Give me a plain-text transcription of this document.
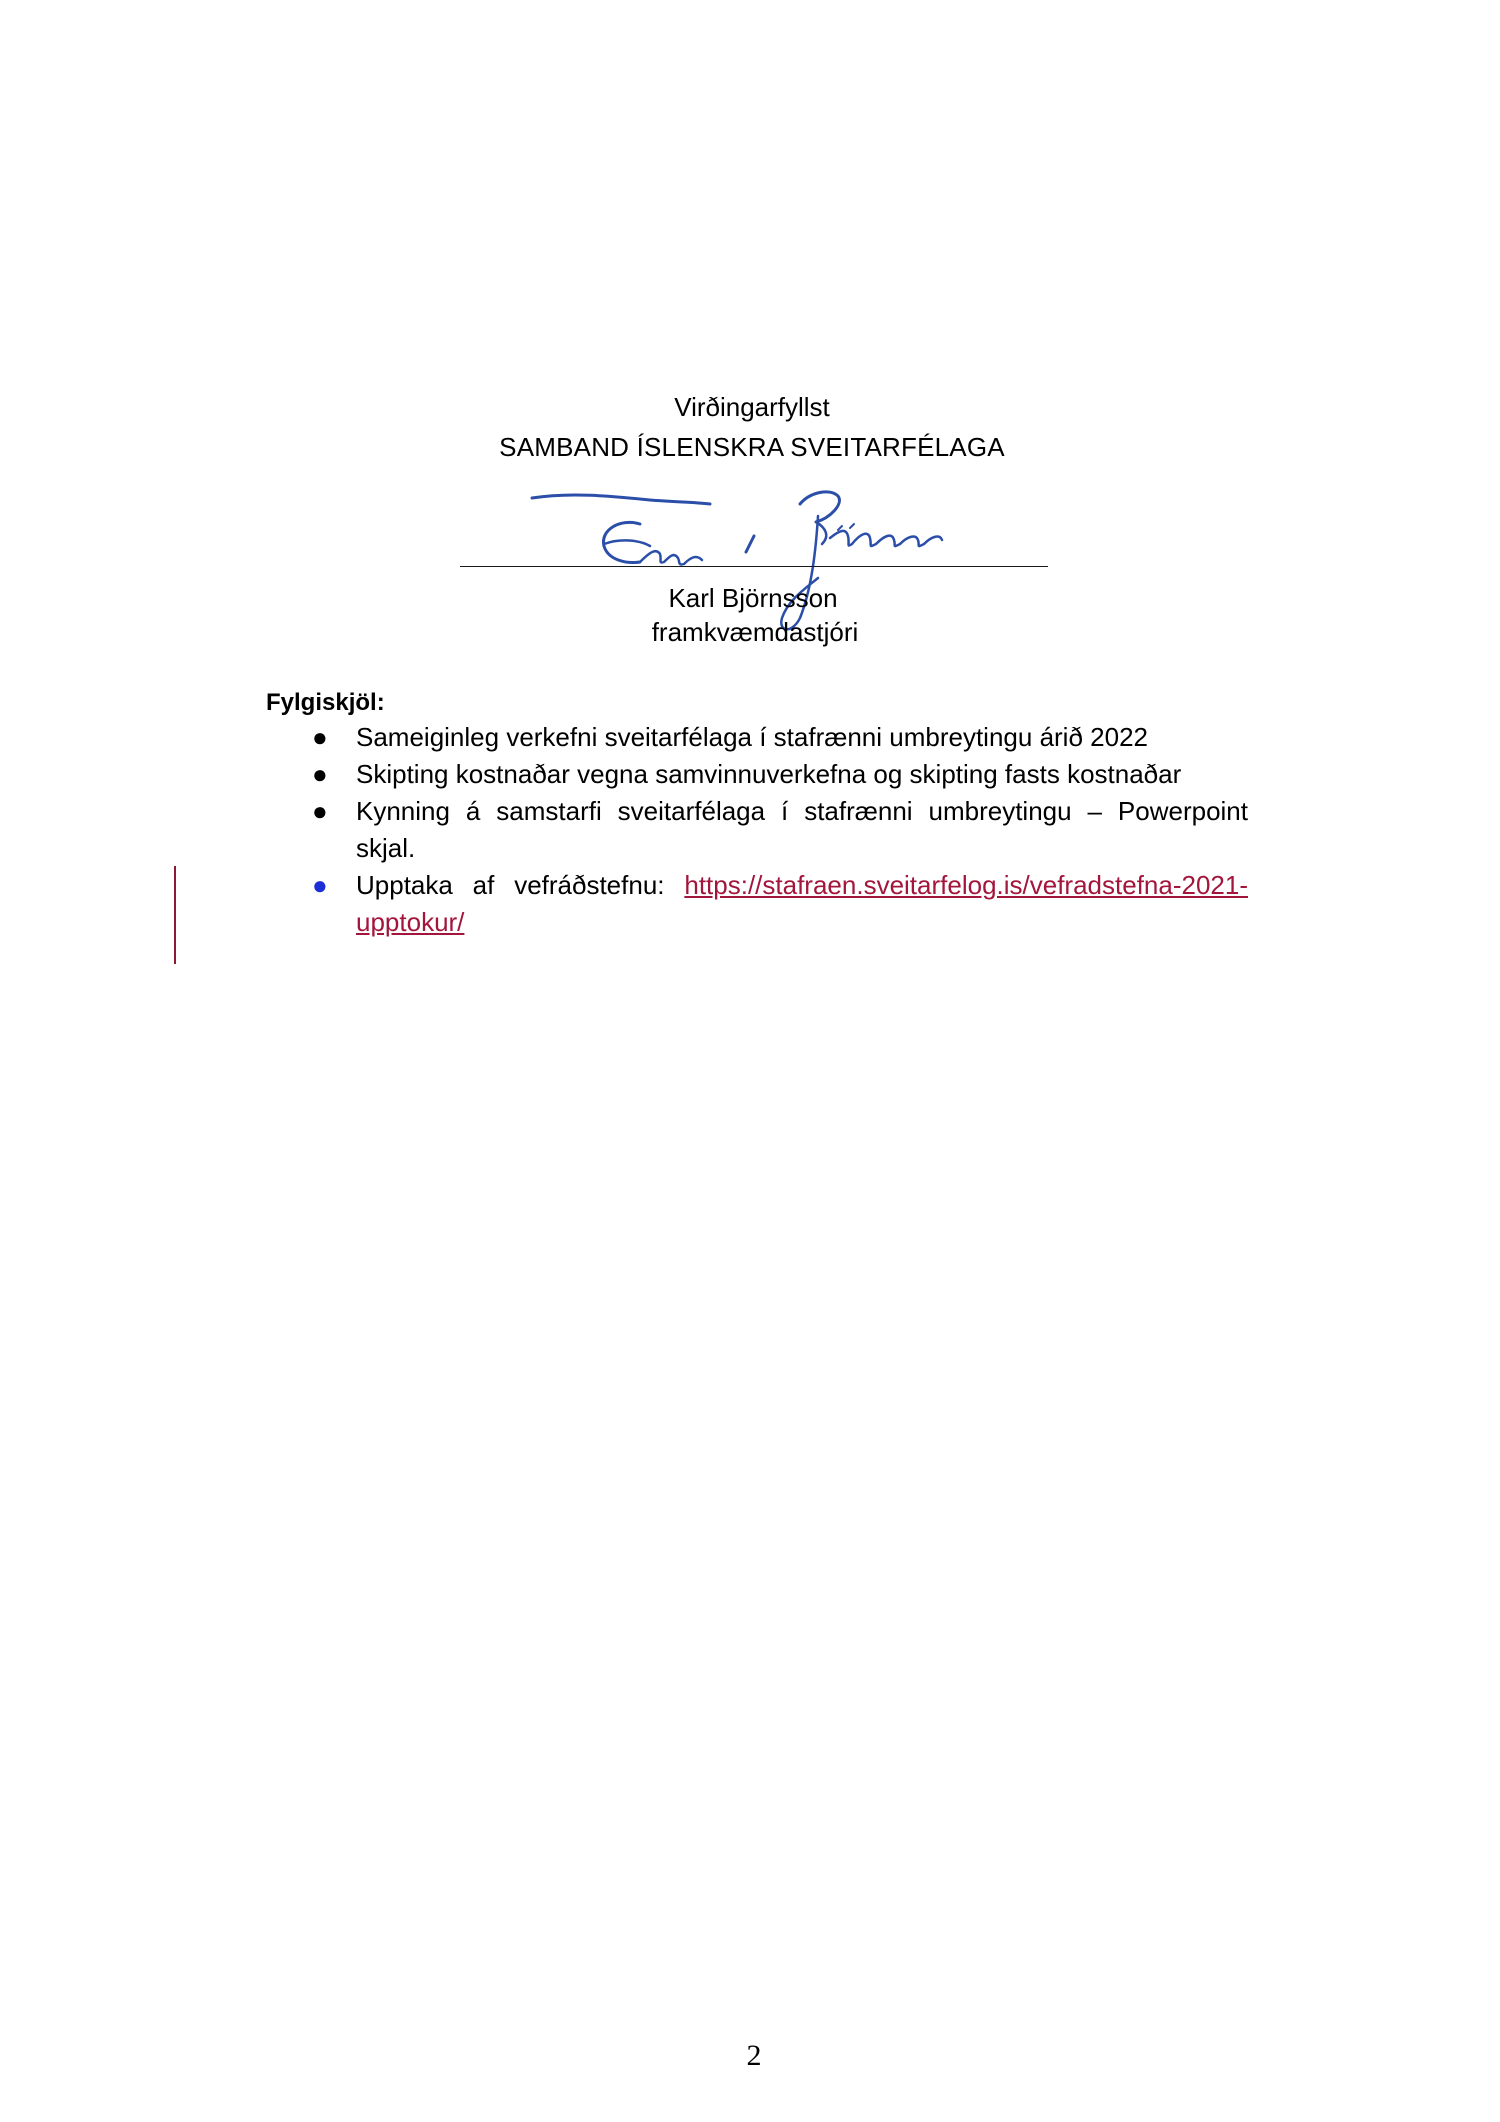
Virðingarfyllst
SAMBAND ÍSLENSKRA SVEITARFÉLAGA
Karl Björnsson
framkvæmdastjóri
Fylgiskjöl:
● Sameiginleg verkefni sveitarfélaga í stafrænni umbreytingu árið 2022
● Skipting kostnaðar vegna samvinnuverkefna og skipting fasts kostnaðar
● Kynning á samstarfi sveitarfélaga í stafrænni umbreytingu – Powerpoint
skjal.
● Upptaka af vefráðstefnu: https://stafraen.sveitarfelog.is/vefradstefna-2021-
upptokur/
2
